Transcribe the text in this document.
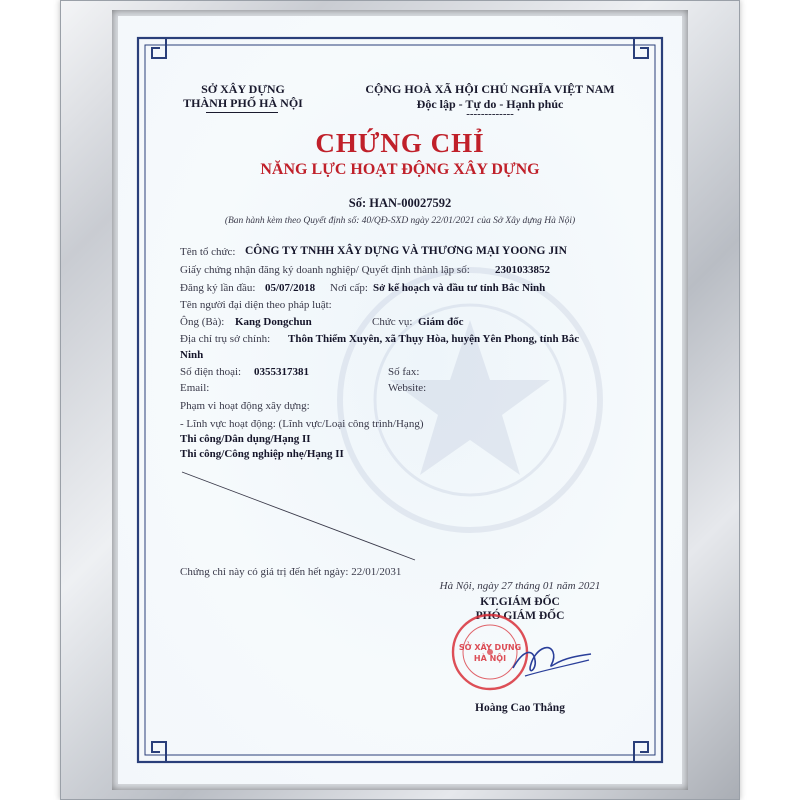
SỞ XÂY DỰNG
THÀNH PHỐ HÀ NỘI
CỘNG HOÀ XÃ HỘI CHỦ NGHĨA VIỆT NAM
Độc lập - Tự do - Hạnh phúc
-------------
CHỨNG CHỈ
NĂNG LỰC HOẠT ĐỘNG XÂY DỰNG
Số: HAN-00027592
(Ban hành kèm theo Quyết định số: 40/QĐ-SXD ngày 22/01/2021 của Sở Xây dựng Hà Nội)
Tên tổ chức: CÔNG TY TNHH XÂY DỰNG VÀ THƯƠNG MẠI YOONG JIN
Giấy chứng nhận đăng ký doanh nghiệp/ Quyết định thành lập số: 2301033852
Đăng ký lần đầu: 05/07/2018 Nơi cấp: Sở kế hoạch và đầu tư tỉnh Bắc Ninh
Tên người đại diện theo pháp luật:
Ông (Bà): Kang Dongchun	Chức vụ: Giám đốc
Địa chỉ trụ sở chính: Thôn Thiểm Xuyên, xã Thụy Hòa, huyện Yên Phong, tỉnh Bắc
Ninh
Số điện thoại: 0355317381	Số fax:
Email:	Website:
Phạm vi hoạt động xây dựng:
- Lĩnh vực hoạt động: (Lĩnh vực/Loại công trình/Hạng)
Thi công/Dân dụng/Hạng II
Thi công/Công nghiệp nhẹ/Hạng II
Chứng chỉ này có giá trị đến hết ngày: 22/01/2031
Hà Nội, ngày 27 tháng 01 năm 2021
KT.GIÁM ĐỐC
PHÓ GIÁM ĐỐC
SỞ XÂY DỰNG
HÀ NỘI
Hoàng Cao Thắng
